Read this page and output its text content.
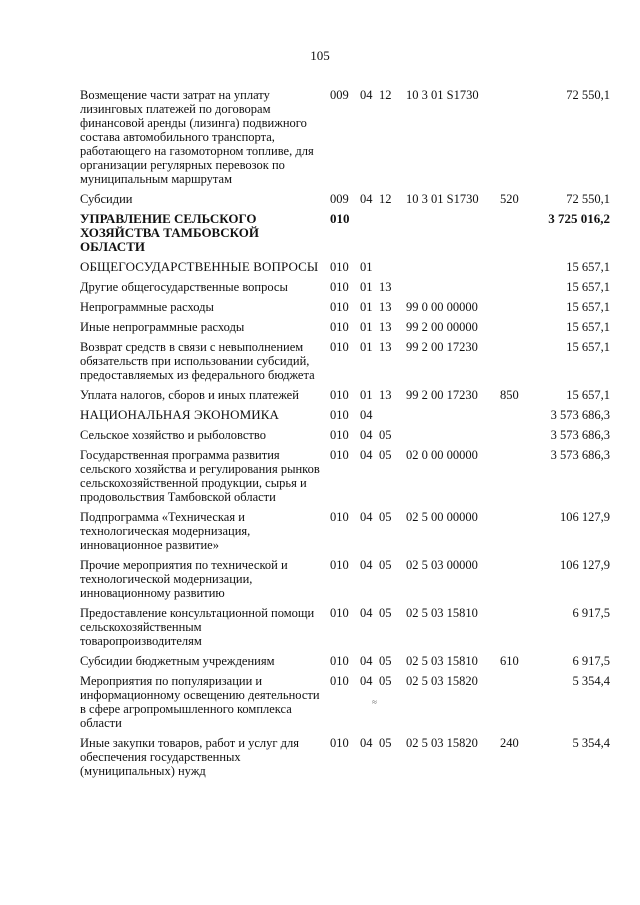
105
Возмещение части затрат на уплату лизинговых платежей по договорам финансовой аренды (лизинга) подвижного состава автомобильного транспорта, работающего на газомоторном топливе, для организации регулярных перевозок по муниципальным маршрутам	009	04	12	10 3 01 S1730		72 550,1
Субсидии	009	04	12	10 3 01 S1730	520	72 550,1
УПРАВЛЕНИЕ СЕЛЬСКОГО ХОЗЯЙСТВА ТАМБОВСКОЙ ОБЛАСТИ	010					3 725 016,2
ОБЩЕГОСУДАРСТВЕННЫЕ ВОПРОСЫ	010	01				15 657,1
Другие общегосударственные вопросы	010	01	13			15 657,1
Непрограммные расходы	010	01	13	99 0 00 00000		15 657,1
Иные непрограммные расходы	010	01	13	99 2 00 00000		15 657,1
Возврат средств в связи с невыполнением обязательств при использовании субсидий, предоставляемых из федерального бюджета	010	01	13	99 2 00 17230		15 657,1
Уплата налогов, сборов и иных платежей	010	01	13	99 2 00 17230	850	15 657,1
НАЦИОНАЛЬНАЯ ЭКОНОМИКА	010	04				3 573 686,3
Сельское хозяйство и рыболовство	010	04	05			3 573 686,3
Государственная программа развития сельского хозяйства и регулирования рынков сельскохозяйственной продукции, сырья и продовольствия Тамбовской области	010	04	05	02 0 00 00000		3 573 686,3
Подпрограмма «Техническая и технологическая модернизация, инновационное развитие»	010	04	05	02 5 00 00000		106 127,9
Прочие мероприятия по технической и технологической модернизации, инновационному развитию	010	04	05	02 5 03 00000		106 127,9
Предоставление консультационной помощи сельскохозяйственным товаропроизводителям	010	04	05	02 5 03 15810		6 917,5
Субсидии бюджетным учреждениям	010	04	05	02 5 03 15810	610	6 917,5
Мероприятия по популяризации и информационному освещению деятельности в сфере агропромышленного комплекса области	010	04	05	02 5 03 15820		5 354,4
Иные закупки товаров, работ и услуг для обеспечения государственных (муниципальных) нужд	010	04	05	02 5 03 15820	240	5 354,4
≈
